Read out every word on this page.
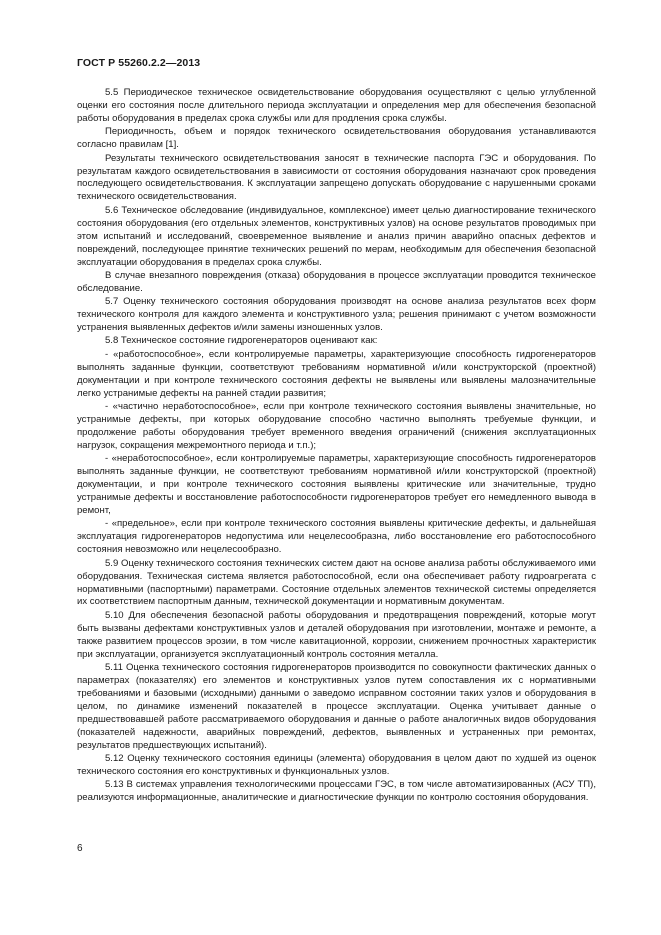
ГОСТ Р 55260.2.2—2013

5.5 Периодическое техническое освидетельствование оборудования осуществляют с целью углубленной оценки его состояния после длительного периода эксплуатации и определения мер для обеспечения безопасной работы оборудования в пределах срока службы или для продления срока службы.

Периодичность, объем и порядок технического освидетельствования оборудования устанавливаются согласно правилам [1].

Результаты технического освидетельствования заносят в технические паспорта ГЭС и оборудования. По результатам каждого освидетельствования в зависимости от состояния оборудования назначают срок проведения последующего освидетельствования. К эксплуатации запрещено допускать оборудование с нарушенными сроками технического освидетельствования.

5.6 Техническое обследование (индивидуальное, комплексное) имеет целью диагностирование технического состояния оборудования (его отдельных элементов, конструктивных узлов) на основе результатов проводимых при этом испытаний и исследований, своевременное выявление и анализ причин аварийно опасных дефектов и повреждений, последующее принятие технических решений по мерам, необходимым для обеспечения безопасной эксплуатации оборудования в пределах срока службы.

В случае внезапного повреждения (отказа) оборудования в процессе эксплуатации проводится техническое обследование.

5.7 Оценку технического состояния оборудования производят на основе анализа результатов всех форм технического контроля для каждого элемента и конструктивного узла; решения принимают с учетом возможности устранения выявленных дефектов и/или замены изношенных узлов.

5.8 Техническое состояние гидрогенераторов оценивают как:

- «работоспособное», если контролируемые параметры, характеризующие способность гидрогенераторов выполнять заданные функции, соответствуют требованиям нормативной и/или конструкторской (проектной) документации и при контроле технического состояния дефекты не выявлены или выявлены малозначительные легко устранимые дефекты на ранней стадии развития;

- «частично неработоспособное», если при контроле технического состояния выявлены значительные, но устранимые дефекты, при которых оборудование способно частично выполнять требуемые функции, и продолжение работы оборудования требует временного введения ограничений (снижения эксплуатационных нагрузок, сокращения межремонтного периода и т.п.);

- «неработоспособное», если контролируемые параметры, характеризующие способность гидрогенераторов выполнять заданные функции, не соответствуют требованиям нормативной и/или конструкторской (проектной) документации, и при контроле технического состояния выявлены критические или значительные, трудно устранимые дефекты и восстановление работоспособности гидрогенераторов требует его немедленного вывода в ремонт,

- «предельное», если при контроле технического состояния выявлены критические дефекты, и дальнейшая эксплуатация гидрогенераторов недопустима или нецелесообразна, либо восстановление его работоспособного состояния невозможно или нецелесообразно.

5.9 Оценку технического состояния технических систем дают на основе анализа работы обслуживаемого ими оборудования. Техническая система является работоспособной, если она обеспечивает работу гидроагрегата с нормативными (паспортными) параметрами. Состояние отдельных элементов технической системы определяется их соответствием паспортным данным, технической документации и нормативным документам.

5.10 Для обеспечения безопасной работы оборудования и предотвращения повреждений, которые могут быть вызваны дефектами конструктивных узлов и деталей оборудования при изготовлении, монтаже и ремонте, а также развитием процессов эрозии, в том числе кавитационной, коррозии, снижением прочностных характеристик при эксплуатации, организуется эксплуатационный контроль состояния металла.

5.11 Оценка технического состояния гидрогенераторов производится по совокупности фактических данных о параметрах (показателях) его элементов и конструктивных узлов путем сопоставления их с нормативными требованиями и базовыми (исходными) данными о заведомо исправном состоянии таких узлов и оборудования в целом, по динамике изменений показателей в процессе эксплуатации. Оценка учитывает данные о предшествовавшей работе рассматриваемого оборудования и данные о работе аналогичных видов оборудования (показателей надежности, аварийных повреждений, дефектов, выявленных и устраненных при ремонтах, результатов предшествующих испытаний).

5.12 Оценку технического состояния единицы (элемента) оборудования в целом дают по худшей из оценок технического состояния его конструктивных и функциональных узлов.

5.13 В системах управления технологическими процессами ГЭС, в том числе автоматизированных (АСУ ТП), реализуются информационные, аналитические и диагностические функции по контролю состояния оборудования.

6
